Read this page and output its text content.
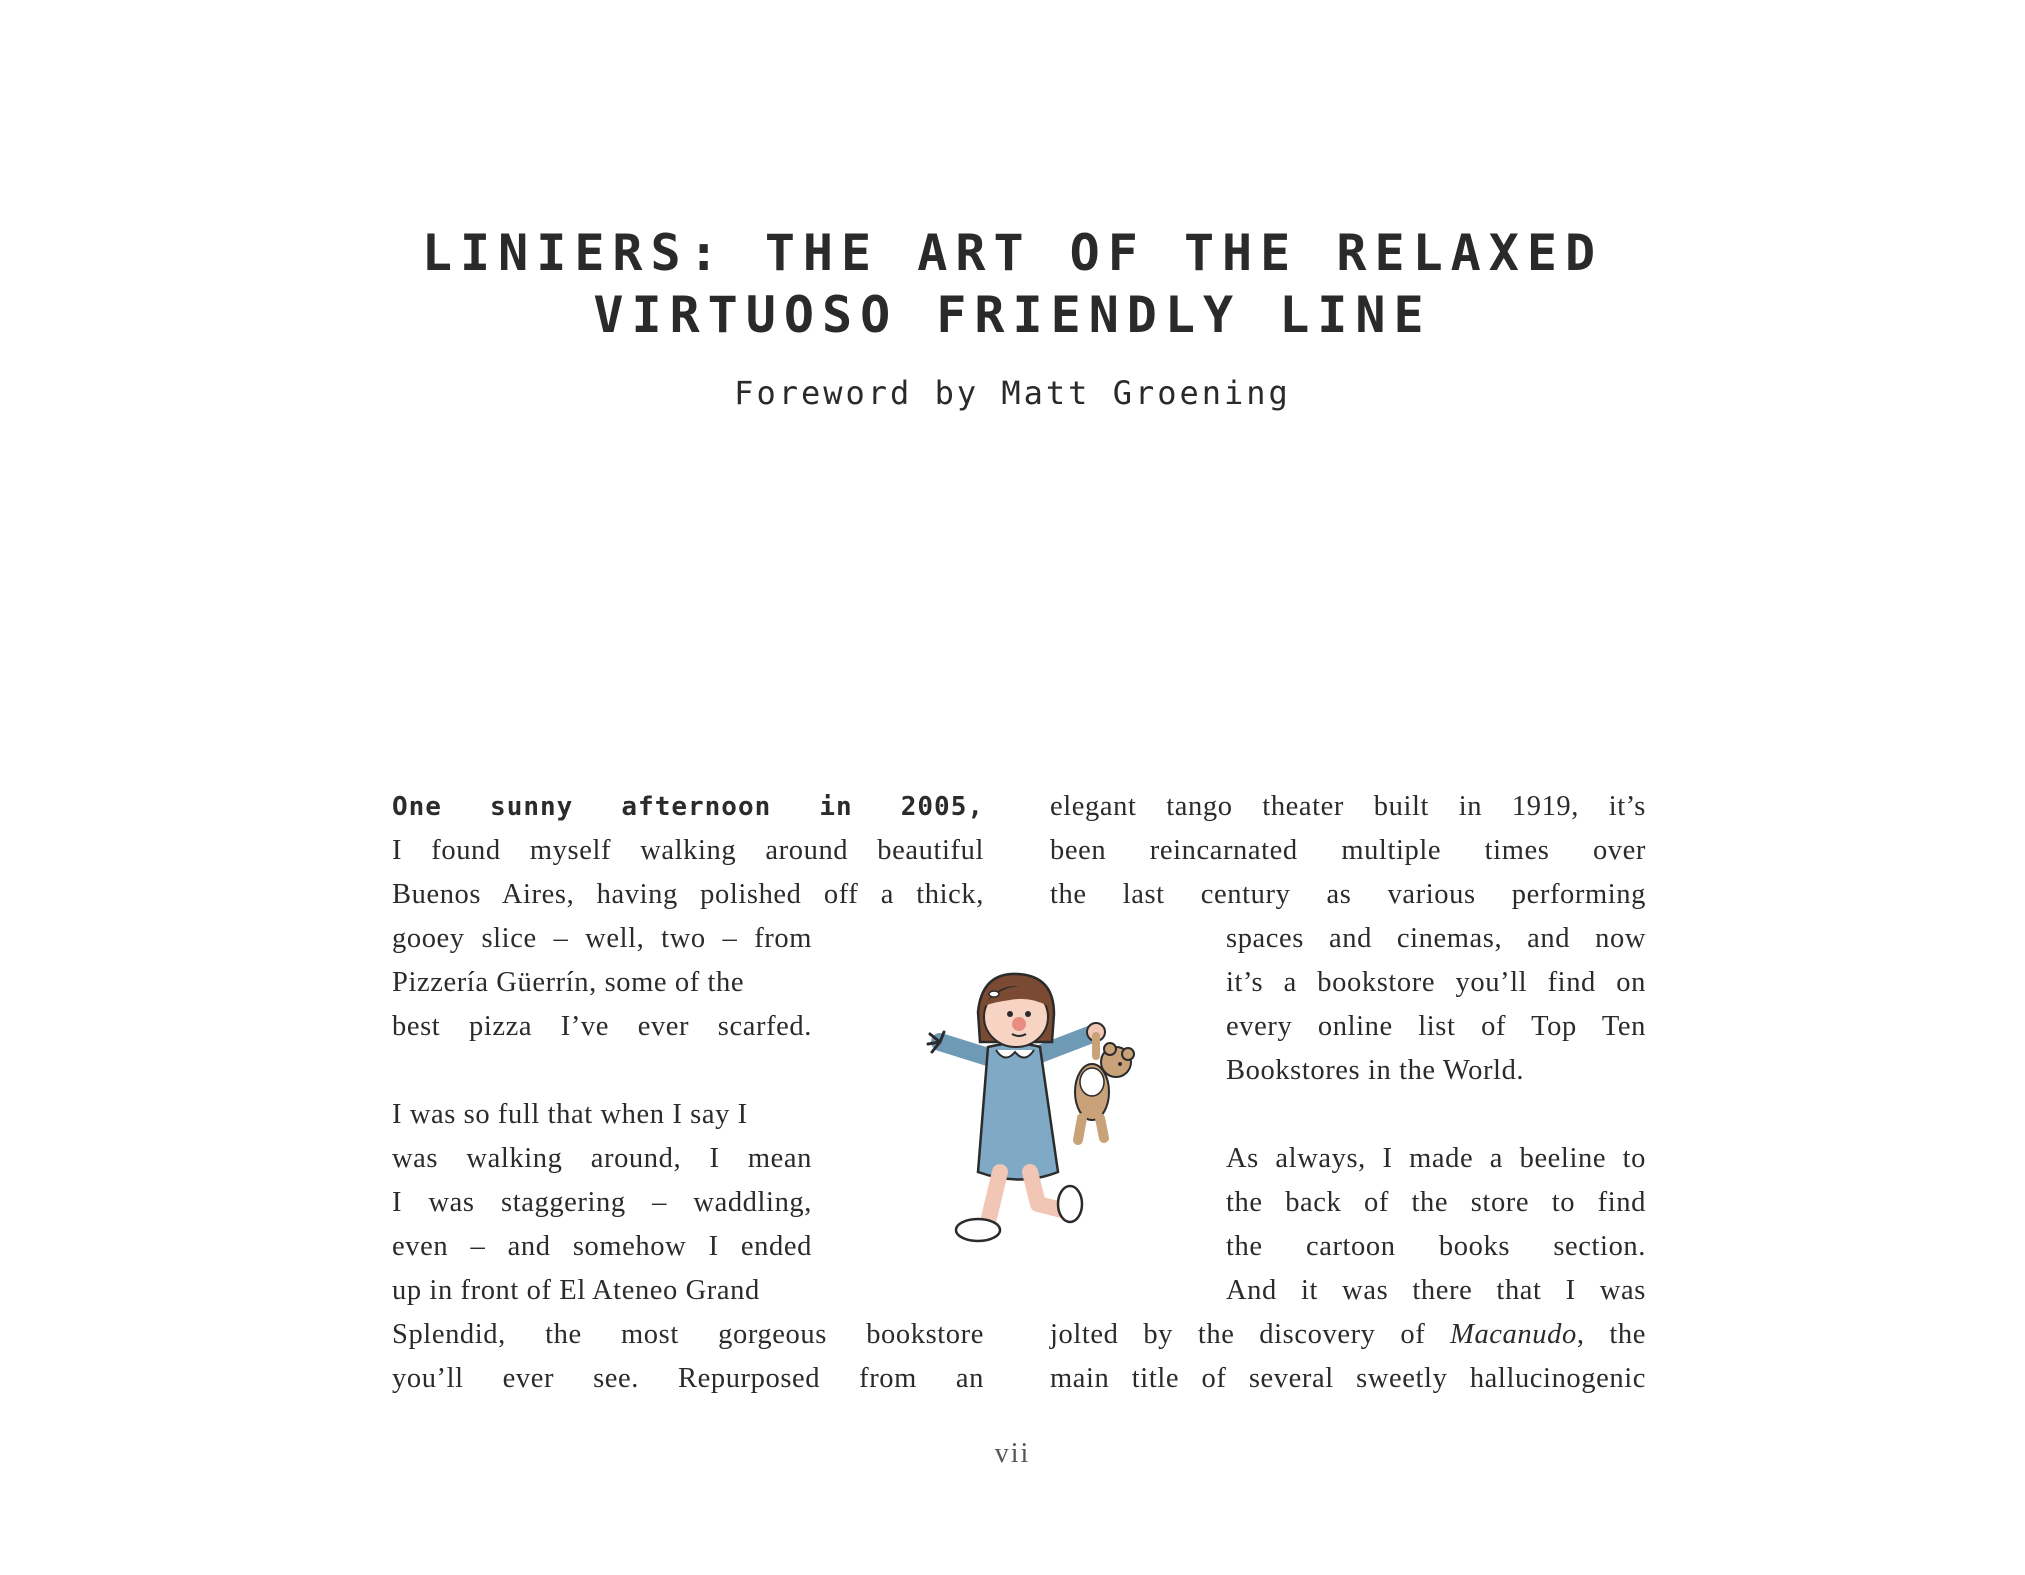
LINIERS: THE ART OF THE RELAXED
VIRTUOSO FRIENDLY LINE
Foreword by Matt Groening
One sunny afternoon in 2005,
I found myself walking around beautiful
Buenos Aires, having polished off a thick,
gooey slice – well, two – from
Pizzería Güerrín, some of the
best pizza I’ve ever scarfed.
I was so full that when I say I
was walking around, I mean
I was staggering – waddling,
even – and somehow I ended
up in front of El Ateneo Grand
Splendid, the most gorgeous bookstore
you’ll ever see. Repurposed from an
elegant tango theater built in 1919, it’s
been reincarnated multiple times over
the last century as various performing
spaces and cinemas, and now
it’s a bookstore you’ll find on
every online list of Top Ten
Bookstores in the World.
As always, I made a beeline to
the back of the store to find
the cartoon books section.
And it was there that I was
jolted by the discovery of Macanudo, the
main title of several sweetly hallucinogenic
vii
